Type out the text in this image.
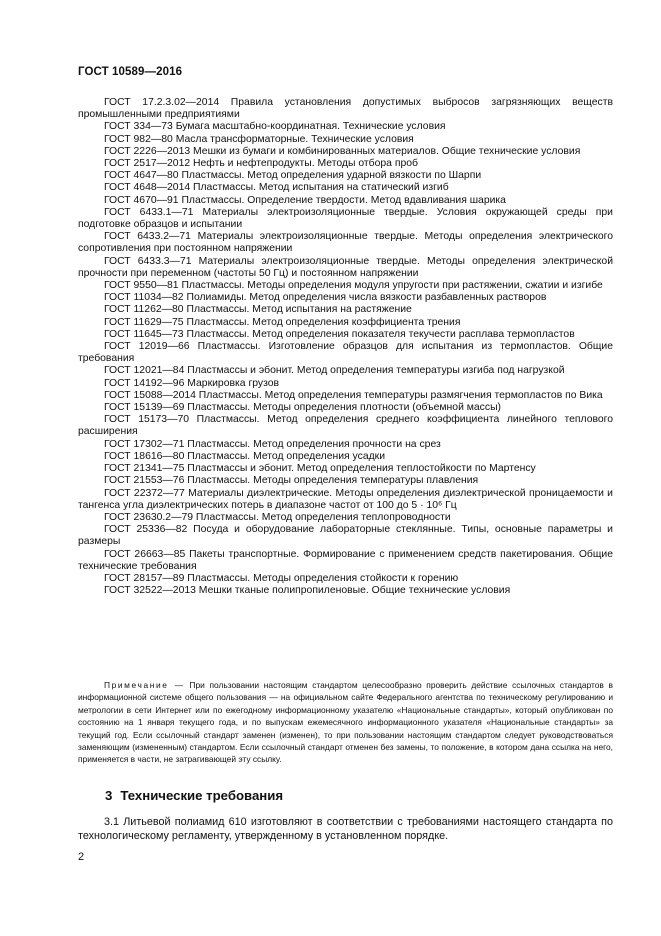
ГОСТ 10589—2016

ГОСТ 17.2.3.02—2014 Правила установления допустимых выбросов загрязняющих веществ промышленными предприятиями

ГОСТ 334—73 Бумага масштабно-координатная. Технические условия

ГОСТ 982—80 Масла трансформаторные. Технические условия

ГОСТ 2226—2013 Мешки из бумаги и комбинированных материалов. Общие технические условия

ГОСТ 2517—2012 Нефть и нефтепродукты. Методы отбора проб

ГОСТ 4647—80 Пластмассы. Метод определения ударной вязкости по Шарпи

ГОСТ 4648—2014 Пластмассы. Метод испытания на статический изгиб

ГОСТ 4670—91 Пластмассы. Определение твердости. Метод вдавливания шарика

ГОСТ 6433.1—71 Материалы электроизоляционные твердые. Условия окружающей среды при подготовке образцов и испытании

ГОСТ 6433.2—71 Материалы электроизоляционные твердые. Методы определения электрического сопротивления при постоянном напряжении

ГОСТ 6433.3—71 Материалы электроизоляционные твердые. Методы определения электрической прочности при переменном (частоты 50 Гц) и постоянном напряжении

ГОСТ 9550—81 Пластмассы. Методы определения модуля упругости при растяжении, сжатии и изгибе

ГОСТ 11034—82 Полиамиды. Метод определения числа вязкости разбавленных растворов

ГОСТ 11262—80 Пластмассы. Метод испытания на растяжение

ГОСТ 11629—75 Пластмассы. Метод определения коэффициента трения

ГОСТ 11645—73 Пластмассы. Метод определения показателя текучести расплава термопластов

ГОСТ 12019—66 Пластмассы. Изготовление образцов для испытания из термопластов. Общие требования

ГОСТ 12021—84 Пластмассы и эбонит. Метод определения температуры изгиба под нагрузкой

ГОСТ 14192—96 Маркировка грузов

ГОСТ 15088—2014 Пластмассы. Метод определения температуры размягчения термопластов по Вика

ГОСТ 15139—69 Пластмассы. Методы определения плотности (объемной массы)

ГОСТ 15173—70 Пластмассы. Метод определения среднего коэффициента линейного теплового расширения

ГОСТ 17302—71 Пластмассы. Метод определения прочности на срез

ГОСТ 18616—80 Пластмассы. Метод определения усадки

ГОСТ 21341—75 Пластмассы и эбонит. Метод определения теплостойкости по Мартенсу

ГОСТ 21553—76 Пластмассы. Методы определения температуры плавления

ГОСТ 22372—77 Материалы диэлектрические. Методы определения диэлектрической проницаемости и тангенса угла диэлектрических потерь в диапазоне частот от 100 до 5 · 10⁶ Гц

ГОСТ 23630.2—79 Пластмассы. Метод определения теплопроводности

ГОСТ 25336—82 Посуда и оборудование лабораторные стеклянные. Типы, основные параметры и размеры

ГОСТ 26663—85 Пакеты транспортные. Формирование с применением средств пакетирования. Общие технические требования

ГОСТ 28157—89 Пластмассы. Методы определения стойкости к горению

ГОСТ 32522—2013 Мешки тканые полипропиленовые. Общие технические условия

Примечание — При пользовании настоящим стандартом целесообразно проверить действие ссылочных стандартов в информационной системе общего пользования — на официальном сайте Федерального агентства по техническому регулированию и метрологии в сети Интернет или по ежегодному информационному указателю «Национальные стандарты», который опубликован по состоянию на 1 января текущего года, и по выпускам ежемесячного информационного указателя «Национальные стандарты» за текущий год. Если ссылочный стандарт заменен (изменен), то при пользовании настоящим стандартом следует руководствоваться заменяющим (измененным) стандартом. Если ссылочный стандарт отменен без замены, то положение, в котором дана ссылка на него, применяется в части, не затрагивающей эту ссылку.

3 Технические требования

3.1 Литьевой полиамид 610 изготовляют в соответствии с требованиями настоящего стандарта по технологическому регламенту, утвержденному в установленном порядке.

2
